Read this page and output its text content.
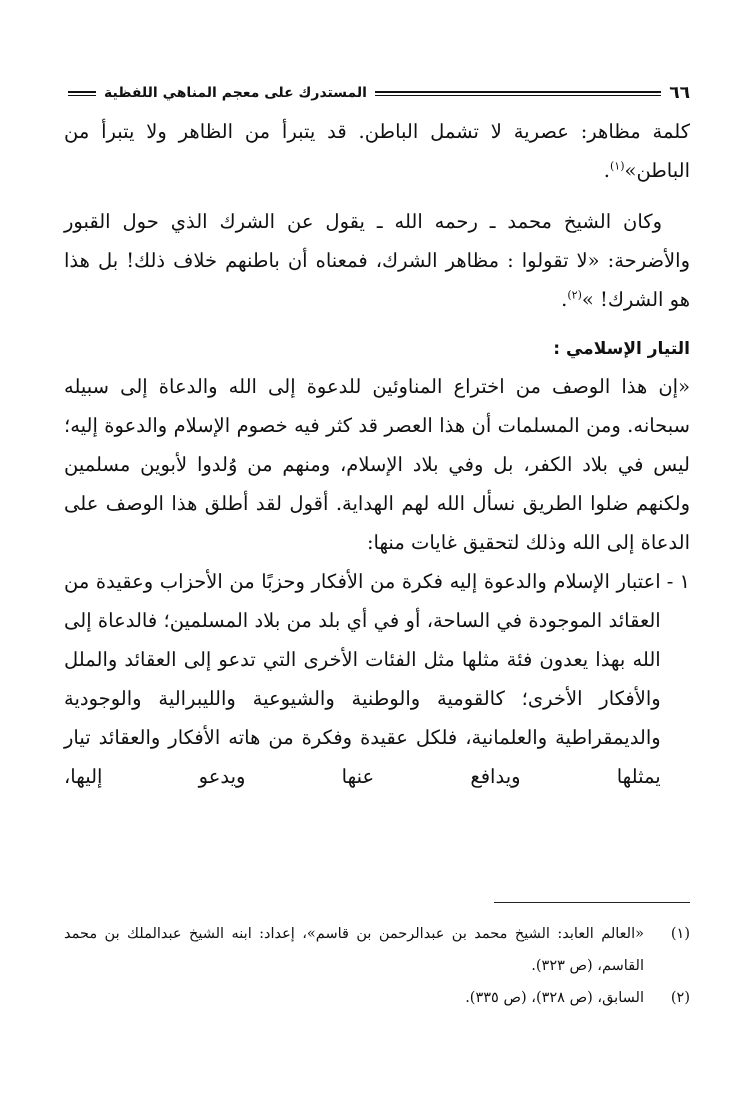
٦٦
المستدرك على معجم المناهي اللفظية

كلمة مظاهر: عصرية لا تشمل الباطن. قد يتبرأ من الظاهر ولا يتبرأ من الباطن»$^{(١)}$.

وكان الشيخ محمد ـ رحمه الله ـ يقول عن الشرك الذي حول القبور والأضرحة: «لا تقولوا : مظاهر الشرك، فمعناه أن باطنهم خلاف ذلك! بل هذا هو الشرك! »$^{(٢)}$.

التيار الإسلامي :

«إن هذا الوصف من اختراع المناوئين للدعوة إلى الله والدعاة إلى سبيله سبحانه. ومن المسلمات أن هذا العصر قد كثر فيه خصوم الإسلام والدعوة إليه؛ ليس في بلاد الكفر، بل وفي بلاد الإسلام، ومنهم من وُلدوا لأبوين مسلمين ولكنهم ضلوا الطريق نسأل الله لهم الهداية. أقول لقد أطلق هذا الوصف على الدعاة إلى الله وذلك لتحقيق غايات منها:

١ -
اعتبار الإسلام والدعوة إليه فكرة من الأفكار وحزبًا من الأحزاب وعقيدة من العقائد الموجودة في الساحة، أو في أي بلد من بلاد المسلمين؛ فالدعاة إلى الله بهذا يعدون فئة مثلها مثل الفئات الأخرى التي تدعو إلى العقائد والملل والأفكار الأخرى؛ كالقومية والوطنية والشيوعية والليبرالية والوجودية والديمقراطية والعلمانية، فلكل عقيدة وفكرة من هاته الأفكار والعقائد تيار يمثلها ويدافع عنها ويدعو إليها،
(١)
«العالم العابد: الشيخ محمد بن عبدالرحمن بن قاسم»، إعداد: ابنه الشيخ عبدالملك بن محمد القاسم، (ص ٣٢٣).
(٢)
السابق، (ص ٣٢٨)، (ص ٣٣٥).
